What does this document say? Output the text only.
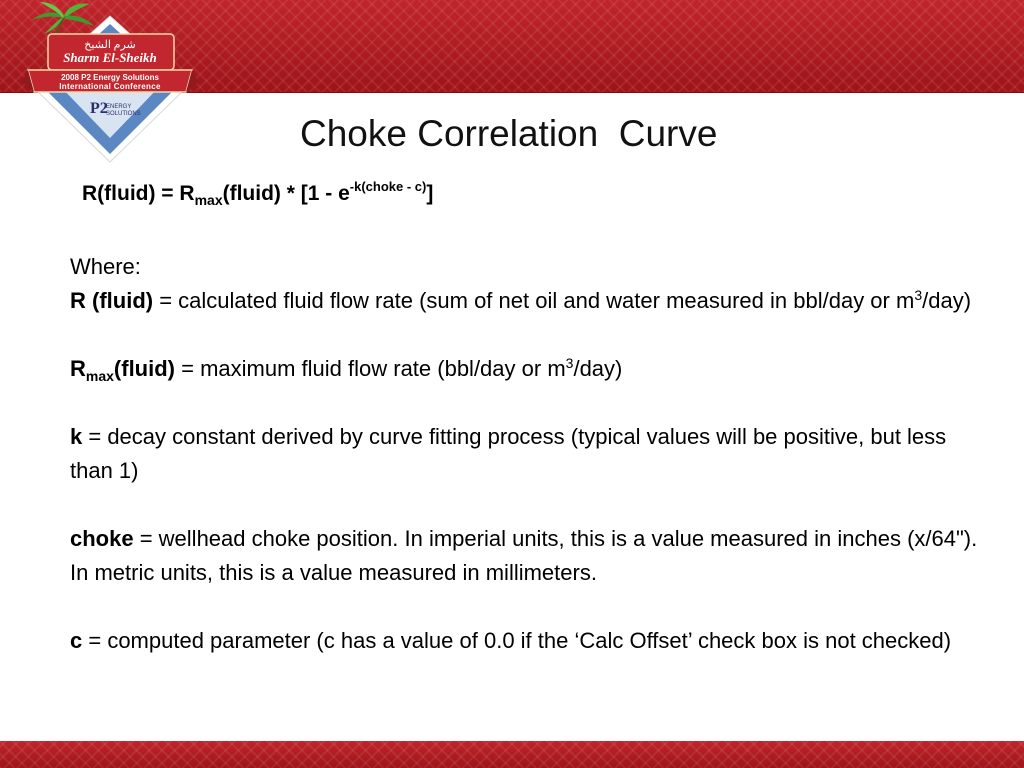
شرم الشيخ
Sharm El-Sheikh
2008 P2 Energy Solutions
International Conference
P2
ENERGY
SOLUTIONS	Choke Correlation  Curve
R(fluid) = $R_{max}(fluid) * [1 - e^{-k(choke - c)}]$

Where:

R (fluid) = calculated fluid flow rate (sum of net oil and water measured in bbl/day or $m^3/day$)

$R_{max}(fluid)$ = maximum fluid flow rate (bbl/day or $m^3/day$)

k = decay constant derived by curve fitting process (typical values will be positive, but less than 1)

choke = wellhead choke position. In imperial units, this is a value measured in inches (x/64"). In metric units, this is a value measured in millimeters.

c = computed parameter (c has a value of 0.0 if the ‘Calc Offset’ check box is not checked)
